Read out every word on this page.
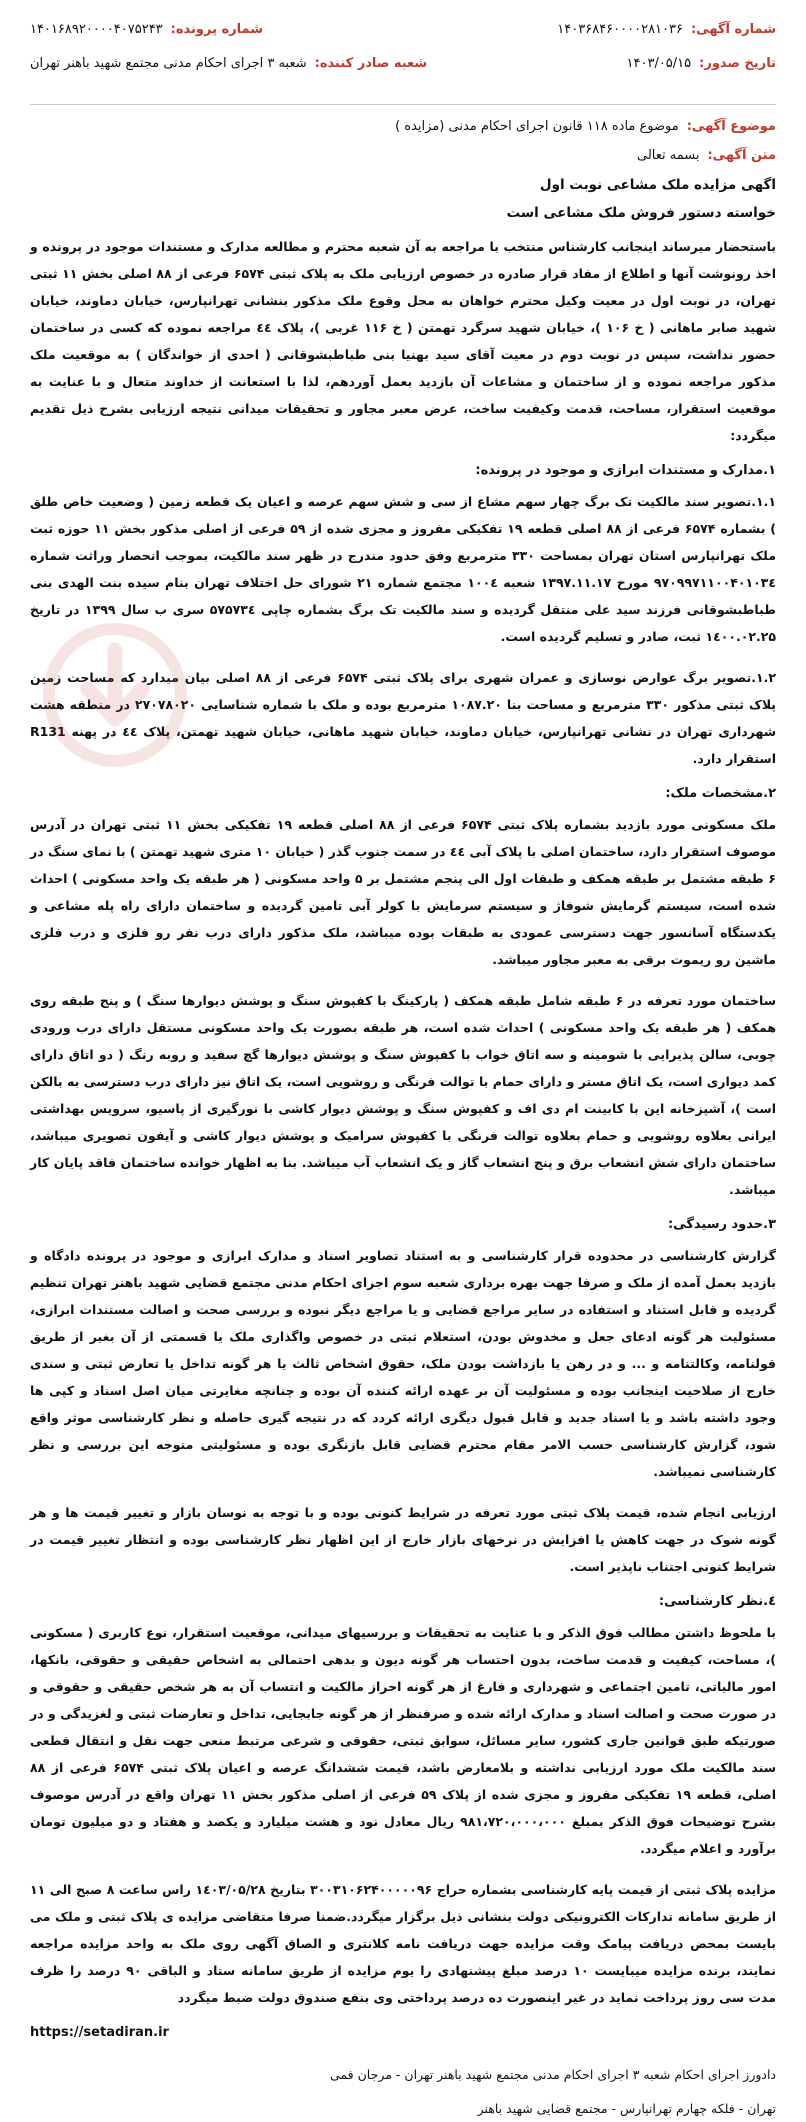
شماره آگهی:
۱۴۰۳۶۸۴۶۰۰۰۰۲۸۱۰۳۶
شماره پرونده:
۱۴۰۱۶۸۹۲۰۰۰۰۴۰۷۵۲۴۳
تاریخ صدور:
۱۴۰۳/۰۵/۱۵
شعبه صادر کننده:
شعبه ۳ اجرای احکام مدنی مجتمع شهید باهنر تهران
موضوع آگهی:
موضوع ماده ۱۱۸ قانون اجرای احکام مدنی (مزایده )
متن آگهی:
بسمه تعالی
اگهی مزایده ملک مشاعی نوبت اول
خواسته دستور فروش ملک مشاعی است

باستحضار میرساند اینجانب کارشناس منتخب با مراجعه به آن شعبه محترم و مطالعه مدارک و مستندات موجود در پرونده و اخذ رونوشت آنها و اطلاع از مفاد قرار صادره در خصوص ارزیابی ملک به پلاک ثبتی ۶۵۷۴ فرعی از ۸۸ اصلی بخش ۱۱ ثبتی تهران، در نوبت اول در معیت وکیل محترم خواهان به محل وقوع ملک مذکور بنشانی تهرانپارس، خیابان دماوند، خیابان شهید صابر ماهانی ( خ ۱۰۶ )، خیابان شهید سرگرد تهمتن ( خ ۱۱۶ غربی )، پلاک ٤٤ مراجعه نموده که کسی در ساختمان حضور نداشت، سپس در نوبت دوم در معیت آقای سید بهنیا بنی طباطبشوقانی ( احدی از خواندگان ) به موقعیت ملک مذکور مراجعه نموده و از ساختمان و مشاعات آن بازدید بعمل آوردهم، لذا با استعانت از خداوند متعال و با عنایت به موقعیت استقرار، مساحت، قدمت وکیفیت ساخت، عرض معبر مجاور و تحقیقات میدانی نتیجه ارزیابی بشرح ذیل تقدیم میگردد:

۱.مدارک و مستندات ابرازی و موجود در پرونده:

۱.۱.تصویر سند مالکیت تک برگ چهار سهم مشاع از سی و شش سهم عرصه و اعیان یک قطعه زمین ( وضعیت خاص طلق ) بشماره ۶۵۷۴ فرعی از ۸۸ اصلی قطعه ۱۹ تفکیکی مفروز و مجزی شده از ۵۹ فرعی از اصلی مذکور بخش ۱۱ حوزه ثبت ملک تهرانپارس استان تهران بمساحت ۳۳۰ مترمربع وفق حدود مندرج در ظهر سند مالکیت، بموجب انحصار وراثت شماره ۹۷۰۹۹۷۱۱۰۰۴۰۱۰۳٤ مورخ ۱۳۹۷.۱۱.۱۷ شعبه ۱۰۰٤ مجتمع شماره ۲۱ شورای حل اختلاف تهران بنام سیده بنت الهدی بنی طباطبشوقانی فرزند سید علی منتقل گردیده و سند مالکیت تک برگ بشماره چاپی ۵۷۵۷۳٤ سری ب سال ۱۳۹۹ در تاریخ ۱٤۰۰.۰۲.۲۵ ثبت، صادر و تسلیم گردیده است.

۱.۲.تصویر برگ عوارض نوسازی و عمران شهری برای پلاک ثبتی ۶۵۷۴ فرعی از ۸۸ اصلی بیان میدارد که مساحت زمین پلاک ثبتی مذکور ۳۳۰ مترمربع و مساحت بنا ۱۰۸۷.۲۰ مترمربع بوده و ملک با شماره شناسایی ۲۷۰۷۸۰۲۰ در منطقه هشت شهرداری تهران در نشانی تهرانپارس، خیابان دماوند، خیابان شهید ماهانی، خیابان شهید تهمتن، پلاک ٤٤ در پهنه R131 استقرار دارد.

۲.مشخصات ملک:

ملک مسکونی مورد بازدید بشماره پلاک ثبتی ۶۵۷۴ فرعی از ۸۸ اصلی قطعه ۱۹ تفکیکی بخش ۱۱ ثبتی تهران در آدرس موصوف استقرار دارد، ساختمان اصلی با پلاک آبی ٤٤ در سمت جنوب گذر ( خیابان ۱۰ متری شهید تهمتن ) با نمای سنگ در ۶ طبقه مشتمل بر طبقه همکف و طبقات اول الی پنجم مشتمل بر ۵ واحد مسکونی ( هر طبقه یک واحد مسکونی ) احداث شده است، سیستم گرمایش شوفاژ و سیستم سرمایش با کولر آبی تامین گردیده و ساختمان دارای راه پله مشاعی و یکدستگاه آسانسور جهت دسترسی عمودی به طبقات بوده میباشد، ملک مذکور دارای درب نفر رو فلزی و درب فلزی ماشین رو ریموت برقی به معبر مجاور میباشد.

ساختمان مورد تعرفه در ۶ طبقه شامل طبقه همکف ( پارکینگ با کفپوش سنگ و پوشش دیوارها سنگ ) و پنج طبقه روی همکف ( هر طبقه یک واحد مسکونی ) احداث شده است، هر طبقه بصورت یک واحد مسکونی مستقل دارای درب ورودی چوبی، سالن پذیرایی با شومینه و سه اتاق خواب با کفپوش سنگ و پوشش دیوارها گچ سفید و روبه رنگ ( دو اتاق دارای کمد دیواری است، یک اتاق مستر و دارای حمام با توالت فرنگی و روشویی است، یک اتاق نیز دارای درب دسترسی به بالکن است )، آشپزخانه این با کابینت ام دی اف و کفپوش سنگ و پوشش دیوار کاشی با نورگیری از پاسیو، سرویس بهداشتی ایرانی بعلاوه روشویی و حمام بعلاوه توالت فرنگی با کفپوش سرامیک و پوشش دیوار کاشی و آیفون تصویری میباشد، ساختمان دارای شش انشعاب برق و پنج انشعاب گاز و یک انشعاب آب میباشد. بنا به اظهار خوانده ساختمان فاقد پایان کار میباشد.

۳.حدود رسیدگی:

گزارش کارشناسی در محدوده قرار کارشناسی و به استناد تصاویر اسناد و مدارک ابرازی و موجود در پرونده دادگاه و بازدید بعمل آمده از ملک و صرفا جهت بهره برداری شعبه سوم اجرای احکام مدنی مجتمع قضایی شهید باهنر تهران تنظیم گردیده و قابل استناد و استفاده در سایر مراجع قضایی و یا مراجع دیگر نبوده و بررسی صحت و اصالت مستندات ابرازی، مسئولیت هر گونه ادعای جعل و مخدوش بودن، استعلام ثبتی در خصوص واگذاری ملک یا قسمتی از آن بغیر از طریق قولنامه، وکالتنامه و ... و در رهن یا بازداشت بودن ملک، حقوق اشخاص ثالث یا هر گونه تداخل یا تعارض ثبتی و سندی خارج از صلاحیت اینجانب بوده و مسئولیت آن بر عهده ارائه کننده آن بوده و چنانچه مغایرتی میان اصل اسناد و کپی ها وجود داشته باشد و یا اسناد جدید و قابل قبول دیگری ارائه کردد که در نتیجه گیری حاصله و نظر کارشناسی موثر واقع شود، گزارش کارشناسی حسب الامر مقام محترم قضایی قابل بازنگری بوده و مسئولیتی متوجه این بررسی و نظر کارشناسی نمیباشد.

ارزیابی انجام شده، قیمت پلاک ثبتی مورد تعرفه در شرایط کنونی بوده و با توجه به نوسان بازار و تغییر قیمت ها و هر گونه شوک در جهت کاهش یا افزایش در نرخهای بازار خارج از این اظهار نظر کارشناسی بوده و انتظار تغییر قیمت در شرایط کنونی اجتناب ناپذیر است.

٤.نظر کارشناسی:

با ملحوظ داشتن مطالب فوق الذکر و با عنایت به تحقیقات و بررسیهای میدانی، موقعیت استقرار، نوع کاربری ( مسکونی )، مساحت، کیفیت و قدمت ساخت، بدون احتساب هر گونه دیون و بدهی احتمالی به اشخاص حقیقی و حقوقی، بانکها، امور مالیاتی، تامین اجتماعی و شهرداری و فارغ از هر گونه احراز مالکیت و انتساب آن به هر شخص حقیقی و حقوقی و در صورت صحت و اصالت اسناد و مدارک ارائه شده و صرفنظر از هر گونه جابجایی، تداخل و تعارضات ثبتی و لغزیدگی و در صورتیکه طبق قوانین جاری کشور، سایر مسائل، سوابق ثبتی، حقوقی و شرعی مرتبط منعی جهت نقل و انتقال قطعی سند مالکیت ملک مورد ارزیابی نداشته و بلامعارض باشد، قیمت ششدانگ عرصه و اعیان پلاک ثبتی ۶۵۷۴ فرعی از ۸۸ اصلی، قطعه ۱۹ تفکیکی مفروز و مجزی شده از پلاک ۵۹ فرعی از اصلی مذکور بخش ۱۱ تهران واقع در آدرس موصوف بشرح توضیحات فوق الذکر بمبلغ ۹۸۱،۷۲۰،۰۰۰،۰۰۰ ریال معادل نود و هشت میلیارد و یکصد و هفتاد و دو میلیون تومان برآورد و اعلام میگردد.

مزایده پلاک ثبتی از قیمت پایه کارشناسی بشماره حراج ۳۰۰۳۱۰۶۲۴۰۰۰۰۰۹۶ بتاریخ ۱٤۰۳/۰۵/۲۸ راس ساعت ۸ صبح الی ۱۱ از طریق سامانه تدارکات الکترونیکی دولت بنشانی ذیل برگزار میگردد.ضمنا صرفا متقاضی مزایده ی پلاک ثبتی و ملک می بایست بمحض دریافت پیامک وقت مزایده جهت دریافت نامه کلانتری و الصاق آگهی روی ملک به واحد مزایده مراجعه نمایند، برنده مزایده میبایست ۱۰ درصد مبلغ پیشنهادی را یوم مزایده از طریق سامانه ستاد و الباقی ۹۰ درصد را ظرف مدت سی روز پرداخت نماید در غیر اینصورت ده درصد پرداختی وی بنفع صندوق دولت ضبط میگردد

https://setadiran.ir
دادورز اجرای احکام شعبه ۳ اجرای احکام مدنی مجتمع شهید باهنر تهران - مرجان فمی
تهران - فلکه چهارم تهرانپارس - مجتمع قضایی شهید باهنر
